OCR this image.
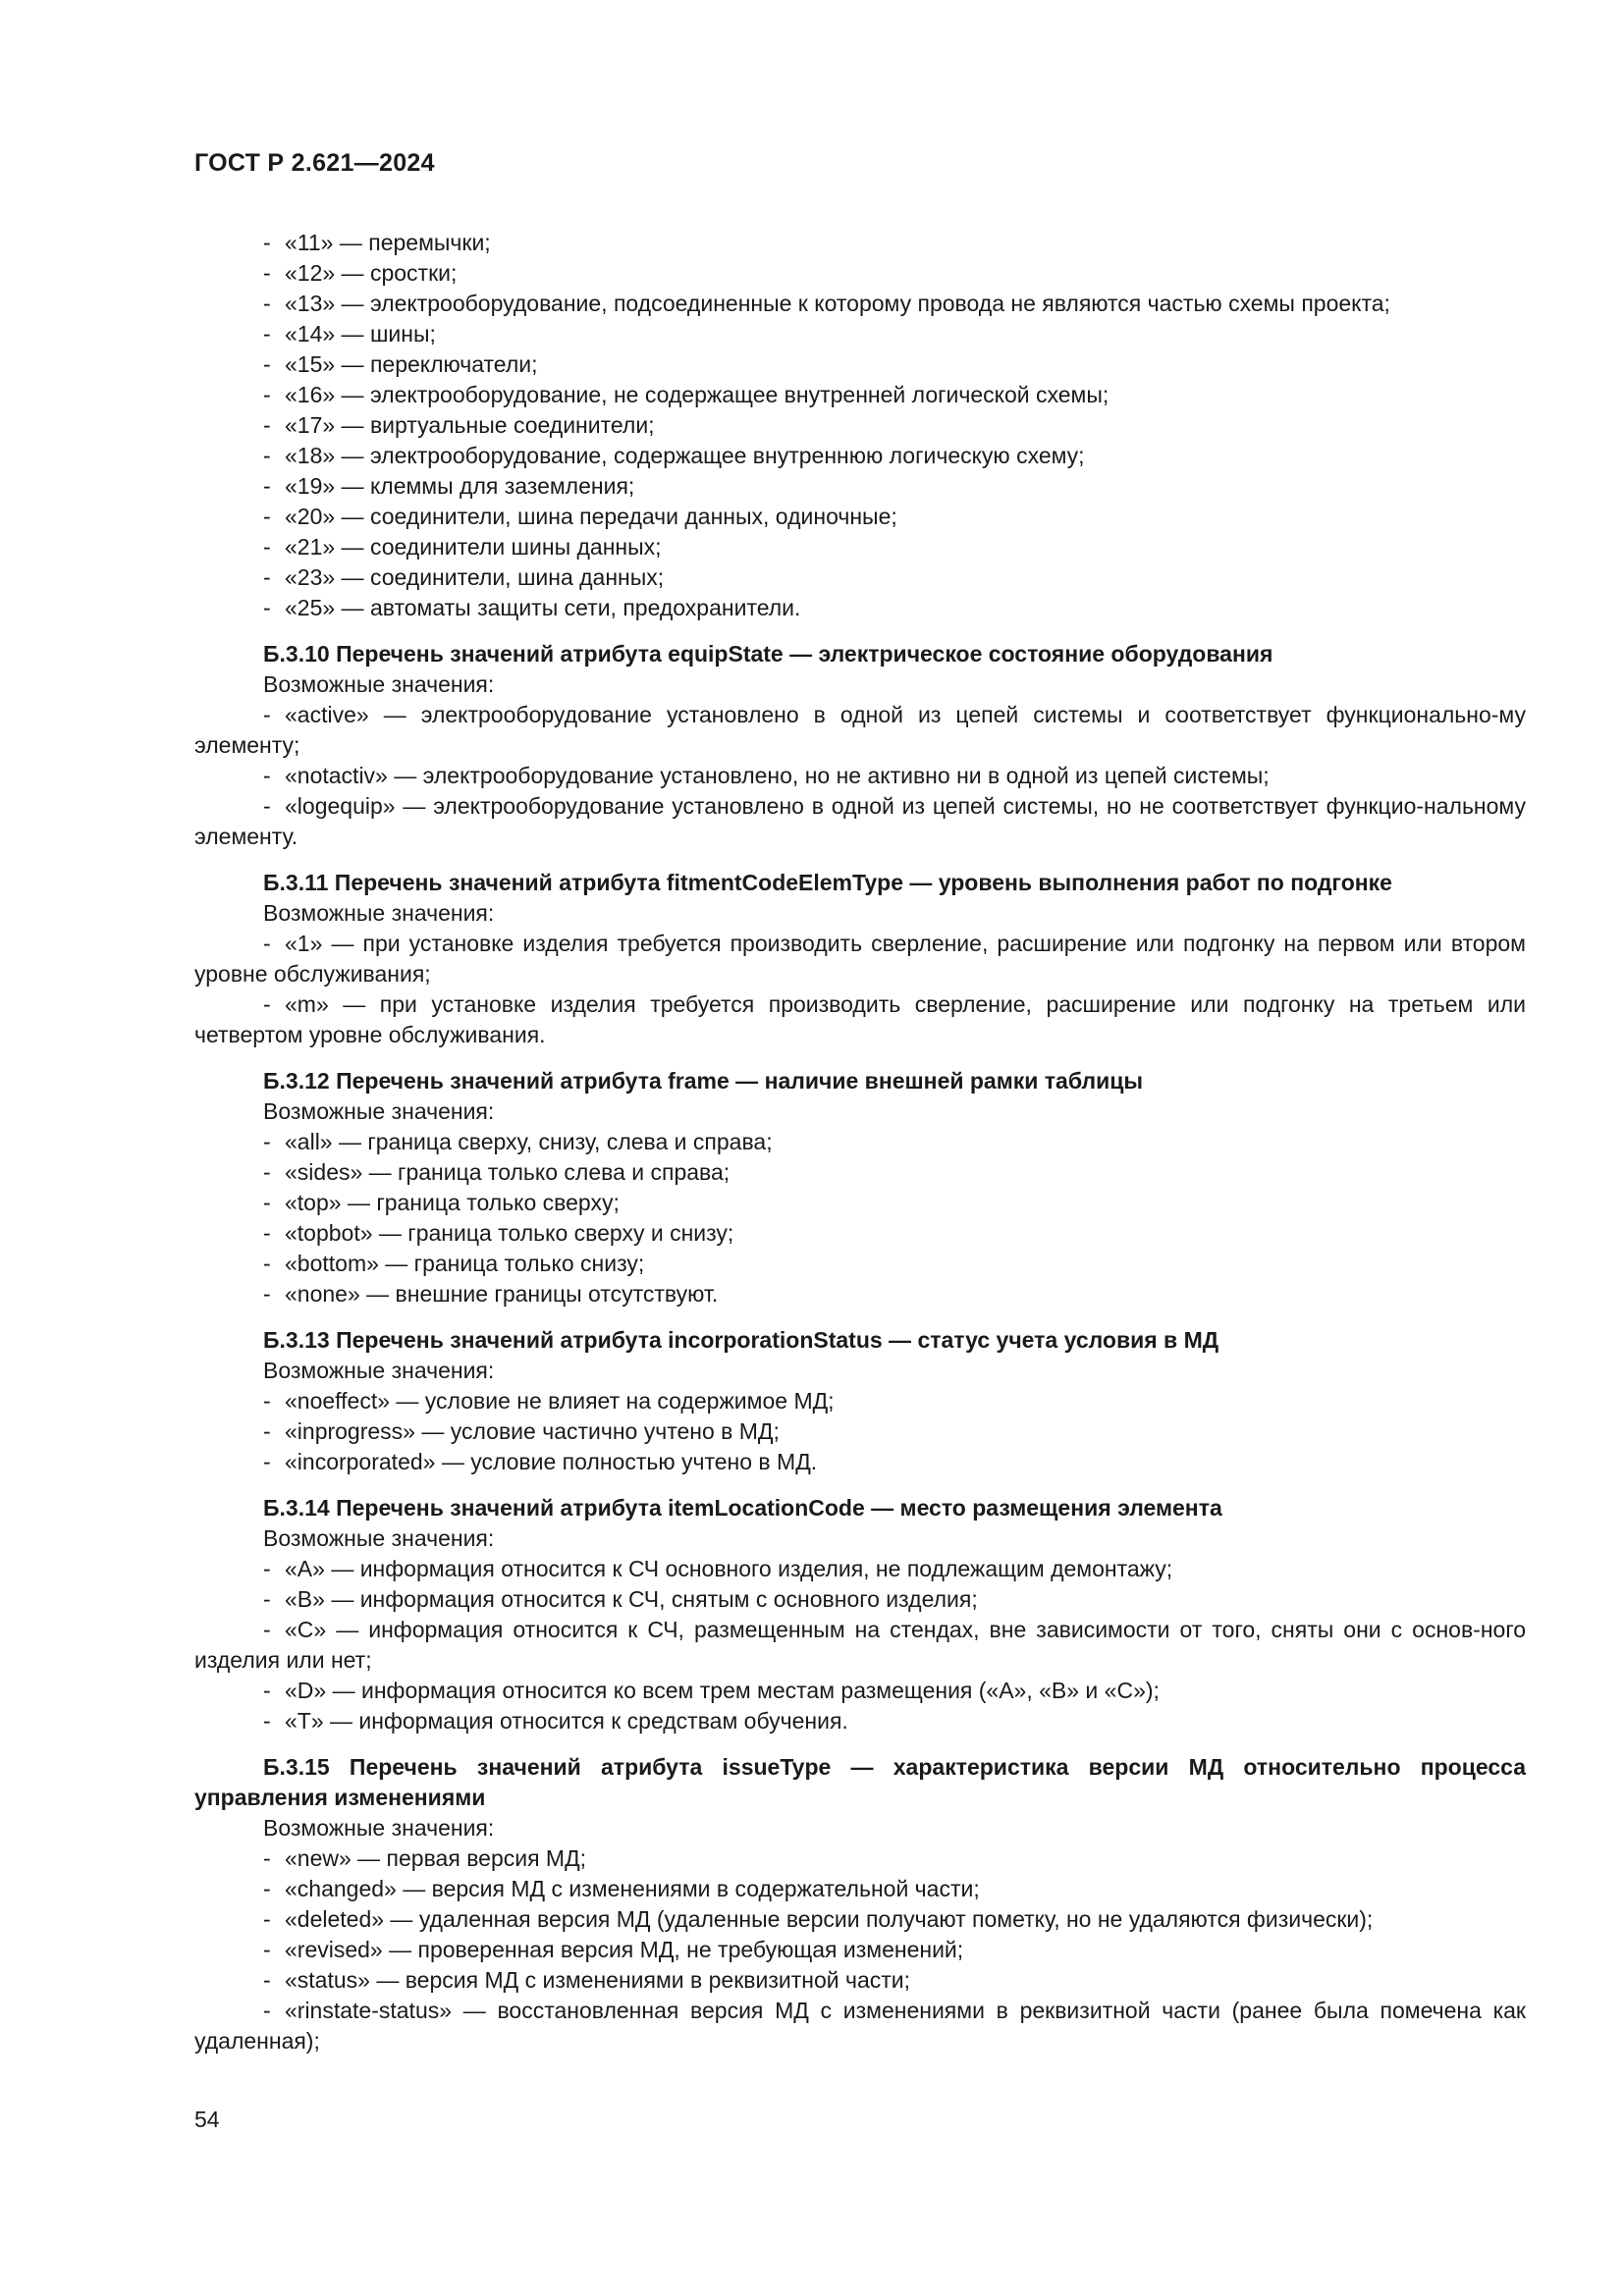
ГОСТ Р 2.621—2024

- «11» — перемычки;

- «12» — сростки;

- «13» — электрооборудование, подсоединенные к которому провода не являются частью схемы проекта;

- «14» — шины;

- «15» — переключатели;

- «16» — электрооборудование, не содержащее внутренней логической схемы;

- «17» — виртуальные соединители;

- «18» — электрооборудование, содержащее внутреннюю логическую схему;

- «19» — клеммы для заземления;

- «20» — соединители, шина передачи данных, одиночные;

- «21» — соединители шины данных;

- «23» — соединители, шина данных;

- «25» — автоматы защиты сети, предохранители.

Б.3.10 Перечень значений атрибута equipState — электрическое состояние оборудования

Возможные значения:

- «active» — электрооборудование установлено в одной из цепей системы и соответствует функционально-му элементу;

- «notactiv» — электрооборудование установлено, но не активно ни в одной из цепей системы;

- «logequip» — электрооборудование установлено в одной из цепей системы, но не соответствует функцио-нальному элементу.

Б.3.11 Перечень значений атрибута fitmentCodeElemType — уровень выполнения работ по подгонке

Возможные значения:

- «1» — при установке изделия требуется производить сверление, расширение или подгонку на первом или втором уровне обслуживания;

- «m» — при установке изделия требуется производить сверление, расширение или подгонку на третьем или четвертом уровне обслуживания.

Б.3.12 Перечень значений атрибута frame — наличие внешней рамки таблицы

Возможные значения:

- «all» — граница сверху, снизу, слева и справа;

- «sides» — граница только слева и справа;

- «top» — граница только сверху;

- «topbot» — граница только сверху и снизу;

- «bottom» — граница только снизу;

- «none» — внешние границы отсутствуют.

Б.3.13 Перечень значений атрибута incorporationStatus — статус учета условия в МД

Возможные значения:

- «noeffect» — условие не влияет на содержимое МД;

- «inprogress» — условие частично учтено в МД;

- «incorporated» — условие полностью учтено в МД.

Б.3.14 Перечень значений атрибута itemLocationCode — место размещения элемента

Возможные значения:

- «A» — информация относится к СЧ основного изделия, не подлежащим демонтажу;

- «B» — информация относится к СЧ, снятым с основного изделия;

- «C» — информация относится к СЧ, размещенным на стендах, вне зависимости от того, сняты они с основ-ного изделия или нет;

- «D» — информация относится ко всем трем местам размещения («A», «B» и «C»);

- «T» — информация относится к средствам обучения.

Б.3.15 Перечень значений атрибута issueType — характеристика версии МД относительно процесса управления изменениями

Возможные значения:

- «new» — первая версия МД;

- «changed» — версия МД с изменениями в содержательной части;

- «deleted» — удаленная версия МД (удаленные версии получают пометку, но не удаляются физически);

- «revised» — проверенная версия МД, не требующая изменений;

- «status» — версия МД с изменениями в реквизитной части;

- «rinstate-status» — восстановленная версия МД с изменениями в реквизитной части (ранее была помечена как удаленная);

54
